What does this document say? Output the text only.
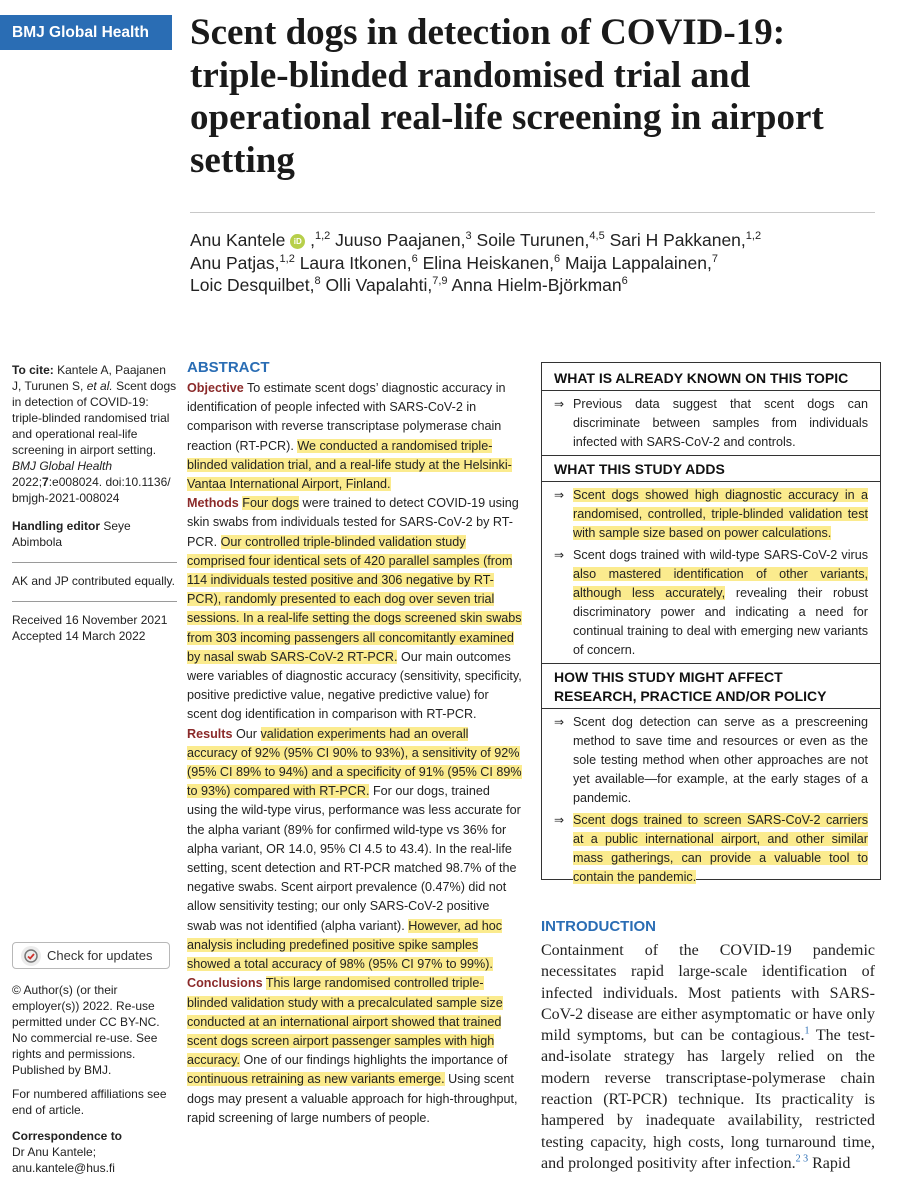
BMJ Global Health	Scent dogs in detection of COVID-19: triple-blinded randomised trial and operational real-life screening in airport setting
Anu Kantele iD ,$^{1,2}$ Juuso Paajanen,$^3$ Soile Turunen,$^{4,5}$ Sari H Pakkanen,$^{1,2}$
Anu Patjas,$^{1,2}$ Laura Itkonen,$^6$ Elina Heiskanen,$^6$ Maija Lappalainen,$^7$
Loic Desquilbet,$^8$ Olli Vapalahti,$^{7,9}$ Anna Hielm-Björkman$^6$

To cite: Kantele A, Paajanen J, Turunen S, et al. Scent dogs in detection of COVID-19: triple-blinded randomised trial and operational real-life screening in airport setting. BMJ Global Health 2022;7:e008024. doi:10.1136/ bmjgh-2021-008024

Handling editor Seye Abimbola

AK and JP contributed equally.

Received 16 November 2021

Accepted 14 March 2022

Check for updates

© Author(s) (or their employer(s)) 2022. Re-use permitted under CC BY-NC. No commercial re-use. See rights and permissions. Published by BMJ.

For numbered affiliations see end of article.

Correspondence to

Dr Anu Kantele;

anu.kantele@hus.fi

ABSTRACT

Objective To estimate scent dogs’ diagnostic accuracy in identification of people infected with SARS-CoV-2 in comparison with reverse transcriptase polymerase chain reaction (RT-PCR). We conducted a randomised triple-blinded validation trial, and a real-life study at the Helsinki-Vantaa International Airport, Finland.

Methods Four dogs were trained to detect COVID-19 using skin swabs from individuals tested for SARS-CoV-2 by RT-PCR. Our controlled triple-blinded validation study comprised four identical sets of 420 parallel samples (from 114 individuals tested positive and 306 negative by RT-PCR), randomly presented to each dog over seven trial sessions. In a real-life setting the dogs screened skin swabs from 303 incoming passengers all concomitantly examined by nasal swab SARS-CoV-2 RT-PCR. Our main outcomes were variables of diagnostic accuracy (sensitivity, specificity, positive predictive value, negative predictive value) for scent dog identification in comparison with RT-PCR.

Results Our validation experiments had an overall accuracy of 92% (95% CI 90% to 93%), a sensitivity of 92% (95% CI 89% to 94%) and a specificity of 91% (95% CI 89% to 93%) compared with RT-PCR. For our dogs, trained using the wild-type virus, performance was less accurate for the alpha variant (89% for confirmed wild-type vs 36% for alpha variant, OR 14.0, 95% CI 4.5 to 43.4). In the real-life setting, scent detection and RT-PCR matched 98.7% of the negative swabs. Scent airport prevalence (0.47%) did not allow sensitivity testing; our only SARS-CoV-2 positive swab was not identified (alpha variant). However, ad hoc analysis including predefined positive spike samples showed a total accuracy of 98% (95% CI 97% to 99%).

Conclusions This large randomised controlled triple-blinded validation study with a precalculated sample size conducted at an international airport showed that trained scent dogs screen airport passenger samples with high accuracy. One of our findings highlights the importance of continuous retraining as new variants emerge. Using scent dogs may present a valuable approach for high-throughput, rapid screening of large numbers of people.

WHAT IS ALREADY KNOWN ON THIS TOPIC
⇒ Previous data suggest that scent dogs can discriminate between samples from individuals infected with SARS-CoV-2 and controls.
WHAT THIS STUDY ADDS
⇒ Scent dogs showed high diagnostic accuracy in a randomised, controlled, triple-blinded validation test with sample size based on power calculations.
⇒ Scent dogs trained with wild-type SARS-CoV-2 virus also mastered identification of other variants, although less accurately, revealing their robust discriminatory power and indicating a need for continual training to deal with emerging new variants of concern.
HOW THIS STUDY MIGHT AFFECT RESEARCH, PRACTICE AND/OR POLICY
⇒ Scent dog detection can serve as a prescreening method to save time and resources or even as the sole testing method when other approaches are not yet available—for example, at the early stages of a pandemic.
⇒ Scent dogs trained to screen SARS-CoV-2 carriers at a public international airport, and other similar mass gatherings, can provide a valuable tool to contain the pandemic.
INTRODUCTION

Containment of the COVID-19 pandemic necessitates rapid large-scale identification of infected individuals. Most patients with SARS-CoV-2 disease are either asymptomatic or have only mild symptoms, but can be contagious.$^1$ The test-and-isolate strategy has largely relied on the modern reverse transcriptase-polymerase chain reaction (RT-PCR) technique. Its practicality is hampered by inadequate availability, restricted testing capacity, high costs, long turnaround time, and prolonged positivity after infection.$^{2 3}$ Rapid
